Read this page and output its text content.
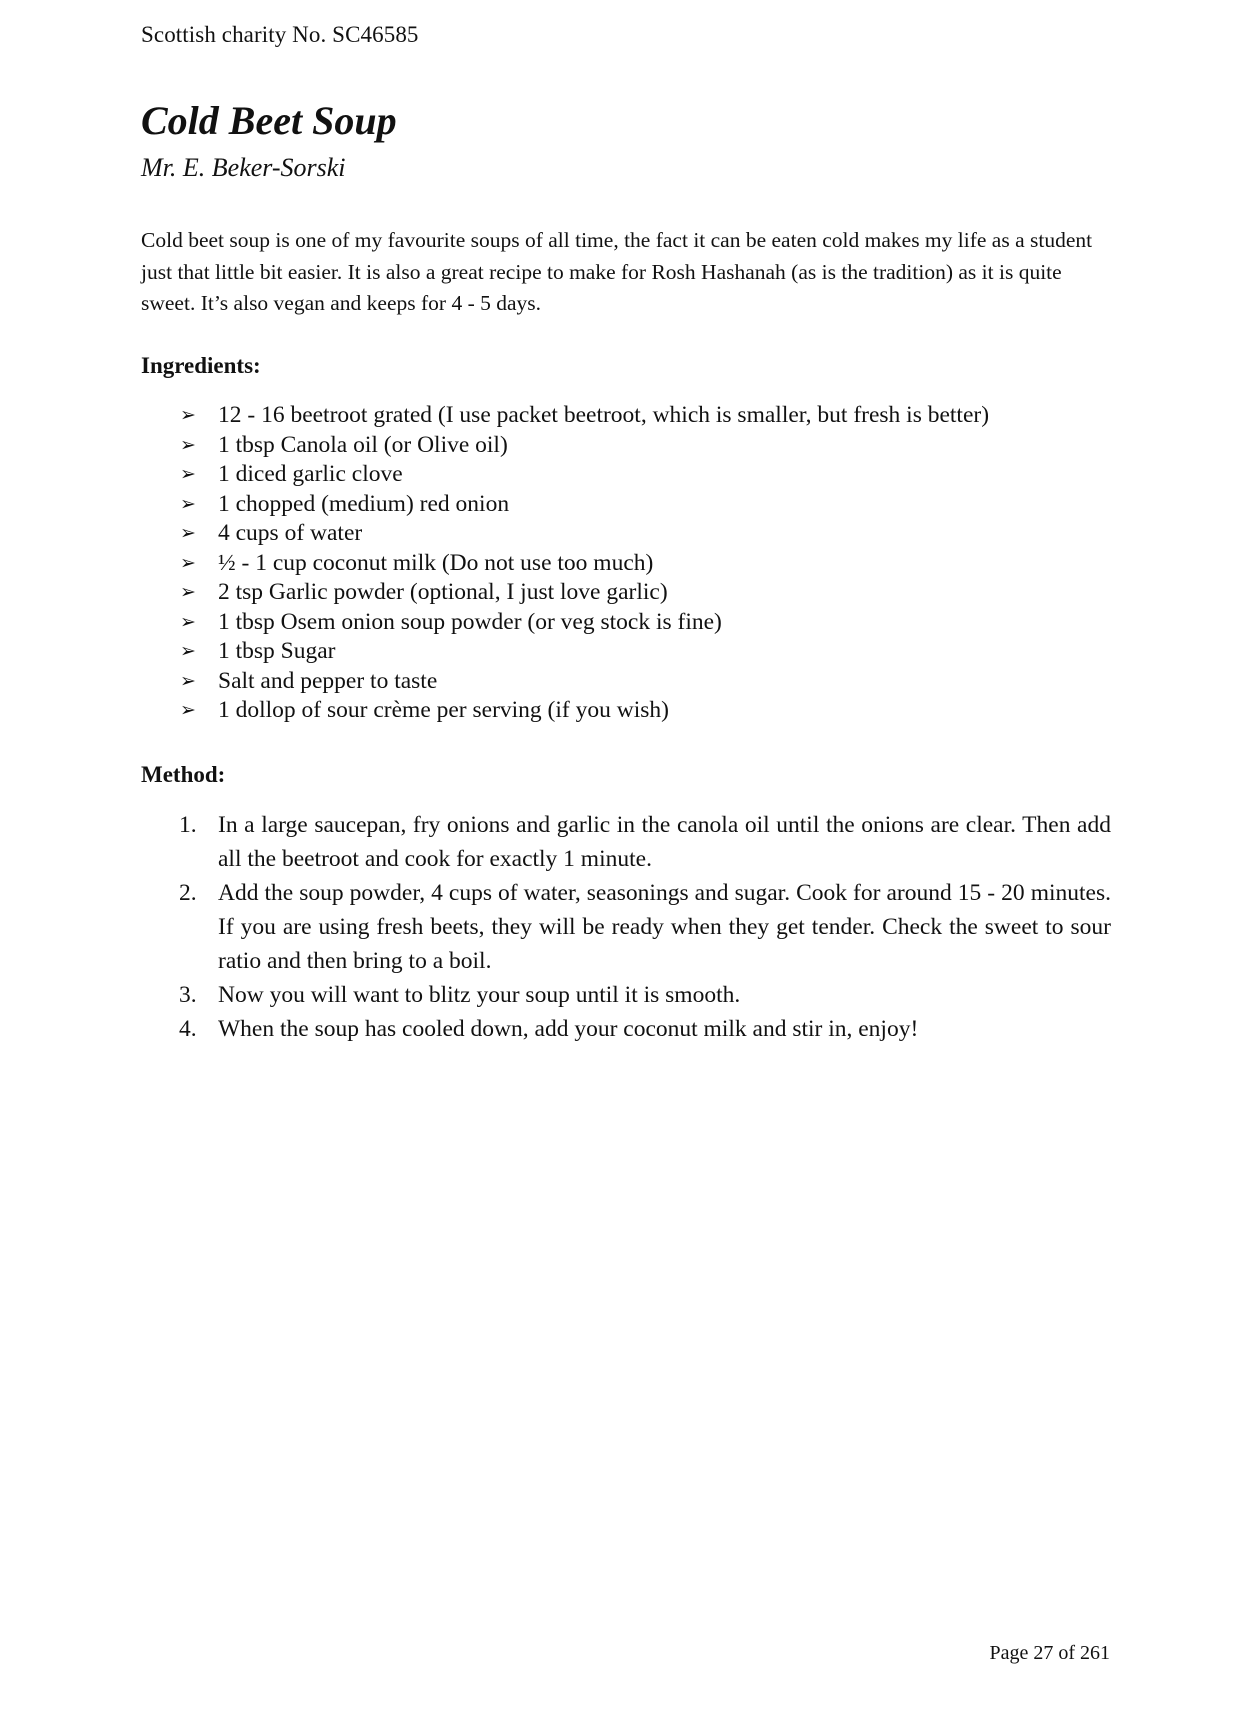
Scottish charity No. SC46585
Cold Beet Soup
Mr. E. Beker-Sorski

Cold beet soup is one of my favourite soups of all time, the fact it can be eaten cold makes my life as a student just that little bit easier. It is also a great recipe to make for Rosh Hashanah (as is the tradition) as it is quite sweet. It’s also vegan and keeps for 4 - 5 days.

Ingredients:
➢ 12 - 16 beetroot grated (I use packet beetroot, which is smaller, but fresh is better)
➢ 1 tbsp Canola oil (or Olive oil)
➢ 1 diced garlic clove
➢ 1 chopped (medium) red onion
➢ 4 cups of water
➢ ½ - 1 cup coconut milk (Do not use too much)
➢ 2 tsp Garlic powder (optional, I just love garlic)
➢ 1 tbsp Osem onion soup powder (or veg stock is fine)
➢ 1 tbsp Sugar
➢ Salt and pepper to taste
➢ 1 dollop of sour crème per serving (if you wish)
Method:
1. In a large saucepan, fry onions and garlic in the canola oil until the onions are clear. Then add all the beetroot and cook for exactly 1 minute.
2. Add the soup powder, 4 cups of water, seasonings and sugar. Cook for around 15 - 20 minutes. If you are using fresh beets, they will be ready when they get tender. Check the sweet to sour ratio and then bring to a boil.
3. Now you will want to blitz your soup until it is smooth.
4. When the soup has cooled down, add your coconut milk and stir in, enjoy!
Page 27 of 261
